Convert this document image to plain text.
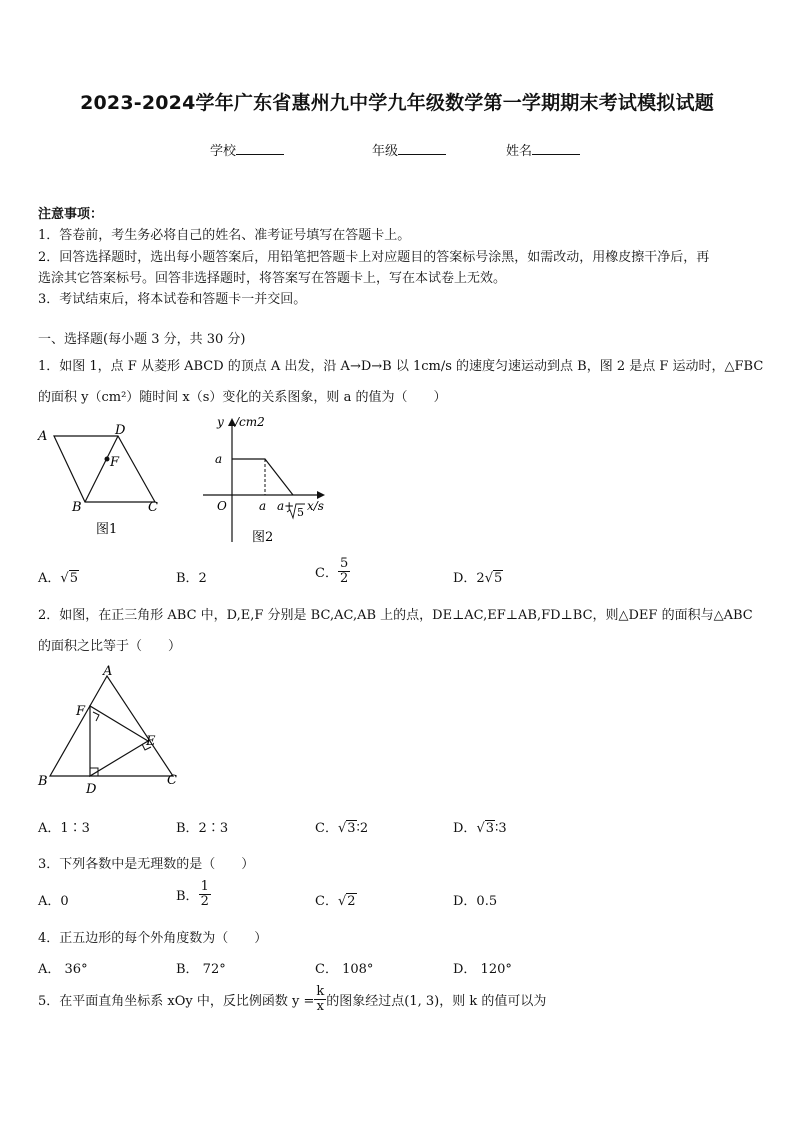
2023-2024学年广东省惠州九中学九年级数学第一学期期末考试模拟试题
学校	年级	姓名
注意事项：
1．答卷前，考生务必将自己的姓名、准考证号填写在答题卡上。
2．回答选择题时，选出每小题答案后，用铅笔把答题卡上对应题目的答案标号涂黑，如需改动，用橡皮擦干净后，再
选涂其它答案标号。回答非选择题时，将答案写在答题卡上，写在本试卷上无效。
3．考试结束后，将本试卷和答题卡一并交回。
一、选择题(每小题 3 分，共 30 分)
1．如图 1，点 F 从菱形 ABCD 的顶点 A 出发，沿 A→D→B 以 1cm/s 的速度匀速运动到点 B，图 2 是点 F 运动时，△FBC
的面积 y（cm²）随时间 x（s）变化的关系图象，则 a 的值为（　　）
A	D
F
B	C
图1
y /cm2
a
O	a a+ 5 x/s
图2
A．√5	B．2	C． $\frac{5}{2}$	D．2√5
2．如图，在正三角形 ABC 中，D,E,F 分别是 BC,AC,AB 上的点，DE⊥AC,EF⊥AB,FD⊥BC，则△DEF 的面积与△ABC
的面积之比等于（　　）
A
F
E
B
D
C
A．1∶3	B．2∶3	C．√3∶2	D．√3∶3
3．下列各数中是无理数的是（　　）
A．0	B． $\frac{1}{2}$	C．√2	D．0.5
4．正五边形的每个外角度数为（　　）
A． 36°	B． 72°	C． 108°	D． 120°
5．在平面直角坐标系 xOy 中，反比例函数 $y = \frac{k}{x}$ 的图象经过点(1, 3)，则 k 的值可以为
